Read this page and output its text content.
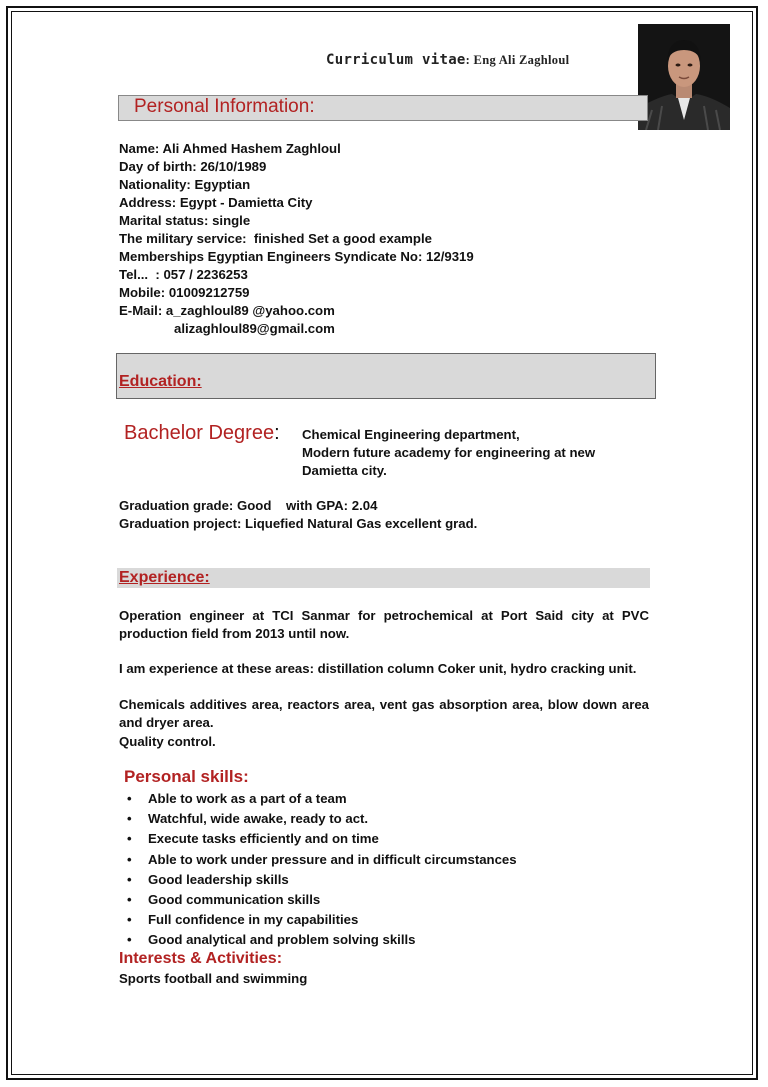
Curriculum vitae: Eng Ali Zaghloul
Personal Information:
Name: Ali Ahmed Hashem Zaghloul
Day of birth: 26/10/1989
Nationality: Egyptian
Address: Egypt - Damietta City
Marital status: single
The military service:  finished Set a good example
Memberships Egyptian Engineers Syndicate No: 12/9319
Tel...  : 057 / 2236253
Mobile: 01009212759
E-Mail: a_zaghloul89 @yahoo.com
alizaghloul89@gmail.com
Education:
Bachelor Degree: Chemical Engineering department,
Modern future academy for engineering at new
Damietta city.
Graduation grade: Good    with GPA: 2.04
Graduation project: Liquefied Natural Gas excellent grad.
Experience:
Operation engineer at TCI Sanmar for petrochemical at Port Said city at PVC production field from 2013 until now.
I am experience at these areas: distillation column Coker unit, hydro cracking unit.
Chemicals additives area, reactors area, vent gas absorption area, blow down area and dryer area.
Quality control.
Personal skills:
• Able to work as a part of a team
• Watchful, wide awake, ready to act.
• Execute tasks efficiently and on time
• Able to work under pressure and in difficult circumstances
• Good leadership skills
• Good communication skills
• Full confidence in my capabilities
• Good analytical and problem solving skills
Interests & Activities:
Sports football and swimming
